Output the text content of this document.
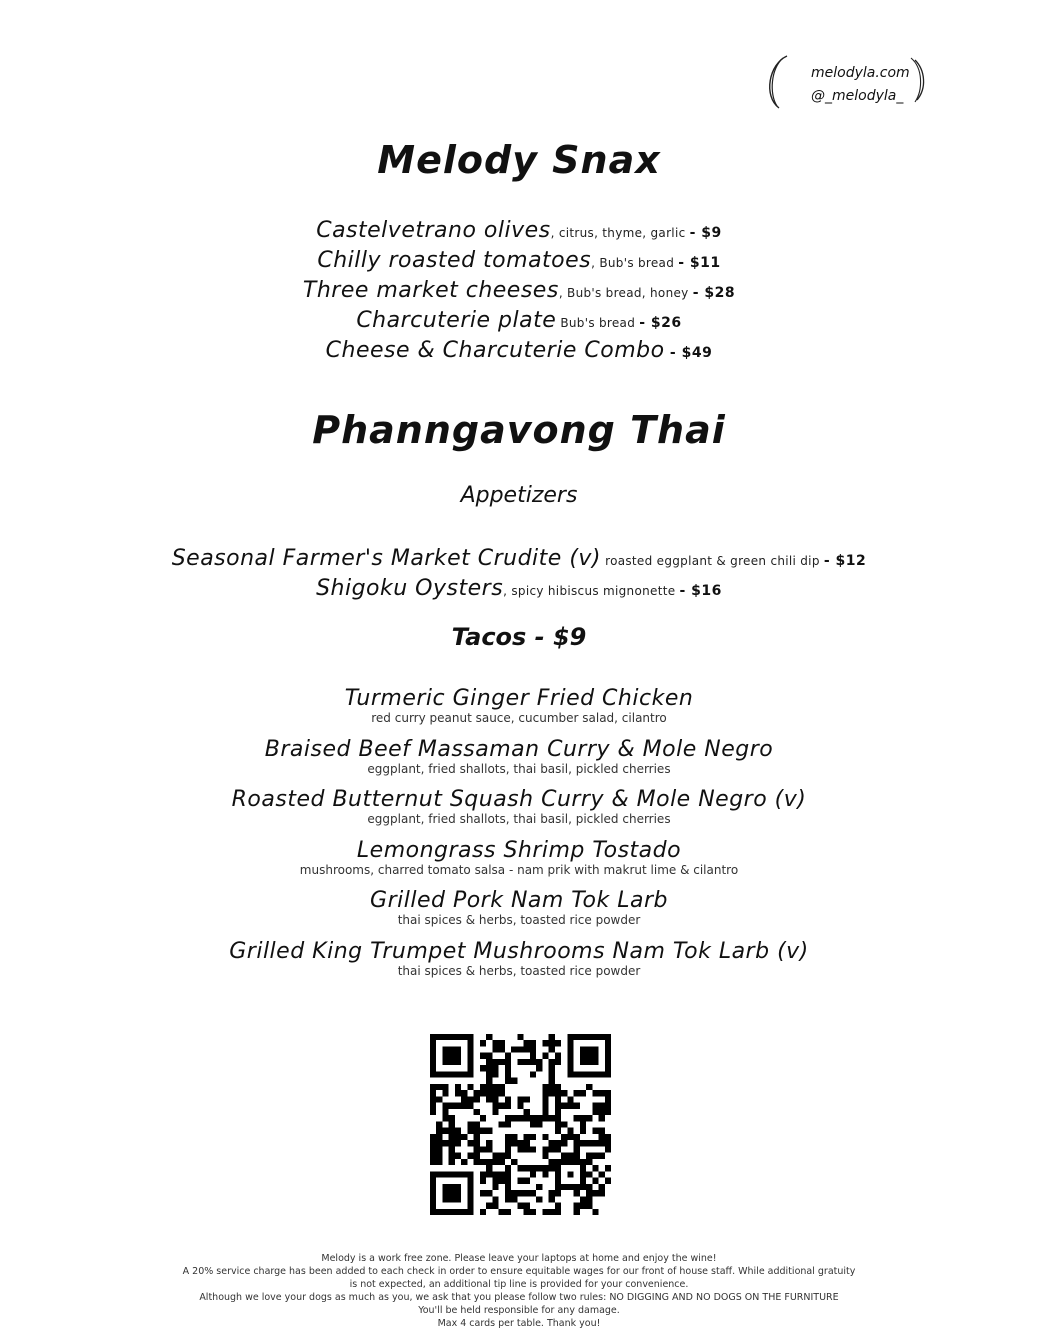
melodyla.com
@_melodyla_
Melody Snax
Castelvetrano olives, citrus, thyme, garlic - $9
Chilly roasted tomatoes, Bub's bread - $11
Three market cheeses, Bub's bread, honey - $28
Charcuterie plate Bub's bread - $26
Cheese & Charcuterie Combo - $49
Phanngavong Thai
Appetizers
Seasonal Farmer's Market Crudite (v) roasted eggplant & green chili dip - $12
Shigoku Oysters, spicy hibiscus mignonette - $16
Tacos - $9
Turmeric Ginger Fried Chicken
red curry peanut sauce, cucumber salad, cilantro
Braised Beef Massaman Curry & Mole Negro
eggplant, fried shallots, thai basil, pickled cherries
Roasted Butternut Squash Curry & Mole Negro (v)
eggplant, fried shallots, thai basil, pickled cherries
Lemongrass Shrimp Tostado
mushrooms, charred tomato salsa - nam prik with makrut lime & cilantro
Grilled Pork Nam Tok Larb
thai spices & herbs, toasted rice powder
Grilled King Trumpet Mushrooms Nam Tok Larb (v)
thai spices & herbs, toasted rice powder
Melody is a work free zone. Please leave your laptops at home and enjoy the wine!
A 20% service charge has been added to each check in order to ensure equitable wages for our front of house staff. While additional gratuity
is not expected, an additional tip line is provided for your convenience.
Although we love your dogs as much as you, we ask that you please follow two rules: NO DIGGING AND NO DOGS ON THE FURNITURE
You'll be held responsible for any damage.
Max 4 cards per table. Thank you!
